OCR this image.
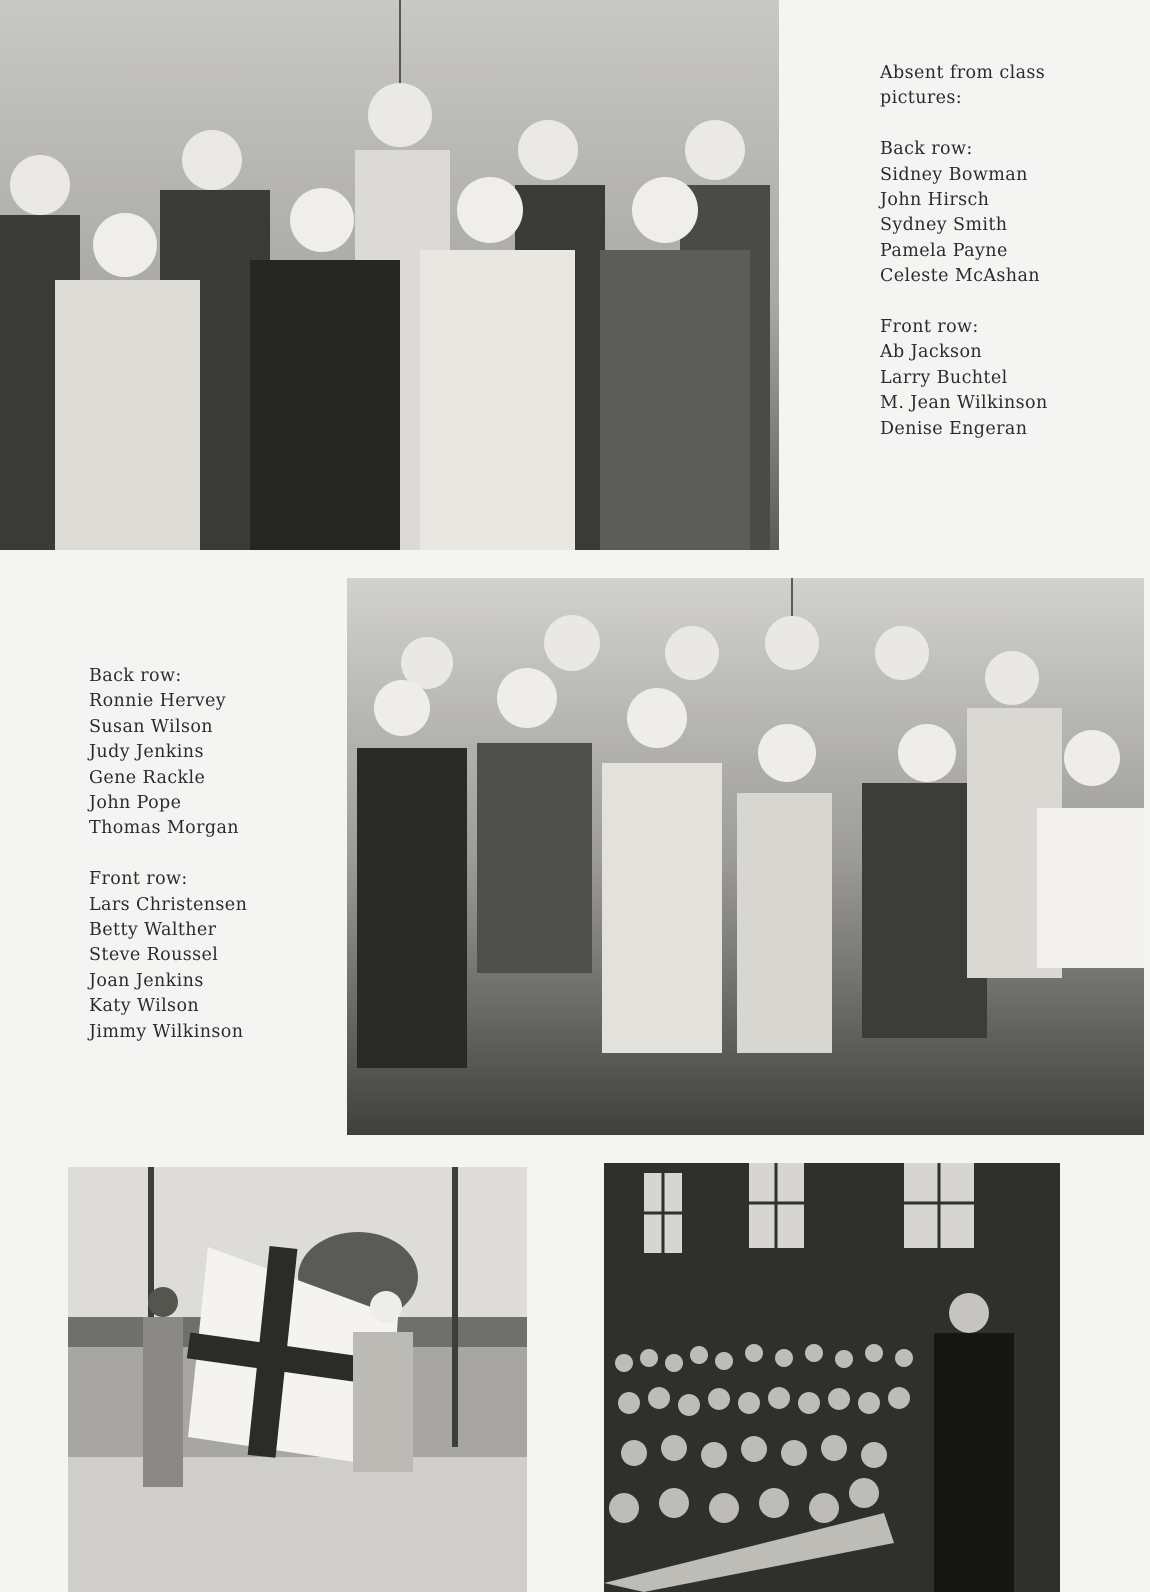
Absent from class
pictures:
Back row:
Sidney Bowman
John Hirsch
Sydney Smith
Pamela Payne
Celeste McAshan
Front row:
Ab Jackson
Larry Buchtel
M. Jean Wilkinson
Denise Engeran
Back row:
Ronnie Hervey
Susan Wilson
Judy Jenkins
Gene Rackle
John Pope
Thomas Morgan
Front row:
Lars Christensen
Betty Walther
Steve Roussel
Joan Jenkins
Katy Wilson
Jimmy Wilkinson
